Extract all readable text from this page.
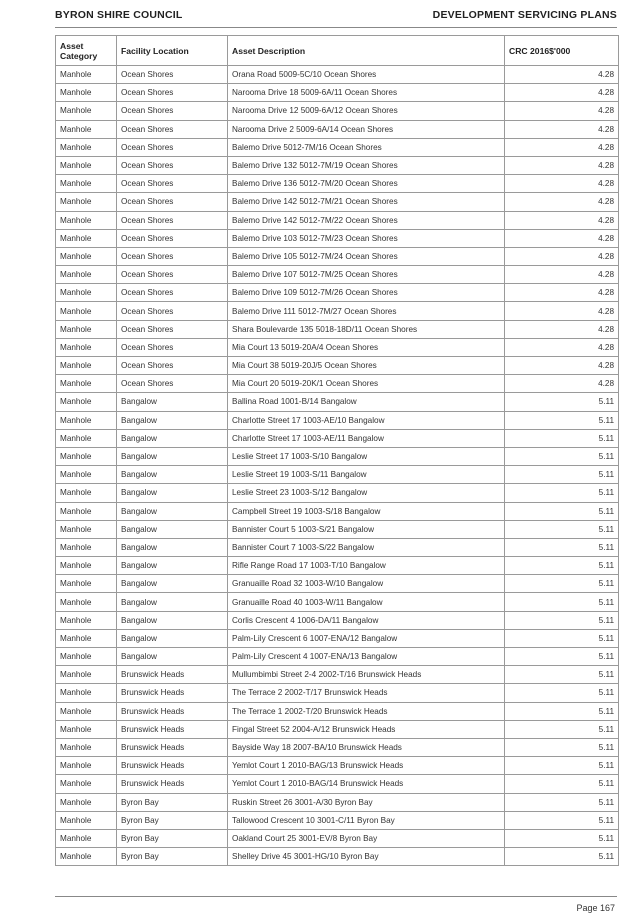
BYRON SHIRE COUNCIL	DEVELOPMENT SERVICING PLANS
Asset Category	Facility Location	Asset Description	CRC 2016$'000
Manhole	Ocean Shores	Orana Road 5009-5C/10 Ocean Shores	4.28
Manhole	Ocean Shores	Narooma Drive 18 5009-6A/11 Ocean Shores	4.28
Manhole	Ocean Shores	Narooma Drive 12 5009-6A/12 Ocean Shores	4.28
Manhole	Ocean Shores	Narooma Drive 2 5009-6A/14 Ocean Shores	4.28
Manhole	Ocean Shores	Balemo Drive 5012-7M/16 Ocean Shores	4.28
Manhole	Ocean Shores	Balemo Drive 132 5012-7M/19 Ocean Shores	4.28
Manhole	Ocean Shores	Balemo Drive 136 5012-7M/20 Ocean Shores	4.28
Manhole	Ocean Shores	Balemo Drive 142 5012-7M/21 Ocean Shores	4.28
Manhole	Ocean Shores	Balemo Drive 142 5012-7M/22 Ocean Shores	4.28
Manhole	Ocean Shores	Balemo Drive 103 5012-7M/23 Ocean Shores	4.28
Manhole	Ocean Shores	Balemo Drive 105 5012-7M/24 Ocean Shores	4.28
Manhole	Ocean Shores	Balemo Drive 107 5012-7M/25 Ocean Shores	4.28
Manhole	Ocean Shores	Balemo Drive 109 5012-7M/26 Ocean Shores	4.28
Manhole	Ocean Shores	Balemo Drive 111 5012-7M/27 Ocean Shores	4.28
Manhole	Ocean Shores	Shara Boulevarde 135 5018-18D/11 Ocean Shores	4.28
Manhole	Ocean Shores	Mia Court 13 5019-20A/4 Ocean Shores	4.28
Manhole	Ocean Shores	Mia Court 38 5019-20J/5 Ocean Shores	4.28
Manhole	Ocean Shores	Mia Court 20 5019-20K/1 Ocean Shores	4.28
Manhole	Bangalow	Ballina Road 1001-B/14 Bangalow	5.11
Manhole	Bangalow	Charlotte Street 17 1003-AE/10 Bangalow	5.11
Manhole	Bangalow	Charlotte Street 17 1003-AE/11 Bangalow	5.11
Manhole	Bangalow	Leslie Street 17 1003-S/10 Bangalow	5.11
Manhole	Bangalow	Leslie Street 19 1003-S/11 Bangalow	5.11
Manhole	Bangalow	Leslie Street 23 1003-S/12 Bangalow	5.11
Manhole	Bangalow	Campbell Street 19 1003-S/18 Bangalow	5.11
Manhole	Bangalow	Bannister Court 5 1003-S/21 Bangalow	5.11
Manhole	Bangalow	Bannister Court 7 1003-S/22 Bangalow	5.11
Manhole	Bangalow	Rifle Range Road 17 1003-T/10 Bangalow	5.11
Manhole	Bangalow	Granuaille Road 32 1003-W/10 Bangalow	5.11
Manhole	Bangalow	Granuaille Road 40 1003-W/11 Bangalow	5.11
Manhole	Bangalow	Corlis Crescent 4 1006-DA/11 Bangalow	5.11
Manhole	Bangalow	Palm-Lily Crescent 6 1007-ENA/12 Bangalow	5.11
Manhole	Bangalow	Palm-Lily Crescent 4 1007-ENA/13 Bangalow	5.11
Manhole	Brunswick Heads	Mullumbimbi Street 2-4 2002-T/16 Brunswick Heads	5.11
Manhole	Brunswick Heads	The Terrace 2 2002-T/17 Brunswick Heads	5.11
Manhole	Brunswick Heads	The Terrace 1 2002-T/20 Brunswick Heads	5.11
Manhole	Brunswick Heads	Fingal Street 52 2004-A/12 Brunswick Heads	5.11
Manhole	Brunswick Heads	Bayside Way 18 2007-BA/10 Brunswick Heads	5.11
Manhole	Brunswick Heads	Yemlot Court 1 2010-BAG/13 Brunswick Heads	5.11
Manhole	Brunswick Heads	Yemlot Court 1 2010-BAG/14 Brunswick Heads	5.11
Manhole	Byron Bay	Ruskin Street 26 3001-A/30 Byron Bay	5.11
Manhole	Byron Bay	Tallowood Crescent 10 3001-C/11 Byron Bay	5.11
Manhole	Byron Bay	Oakland Court 25 3001-EV/8 Byron Bay	5.11
Manhole	Byron Bay	Shelley Drive 45 3001-HG/10 Byron Bay	5.11
Page 167
